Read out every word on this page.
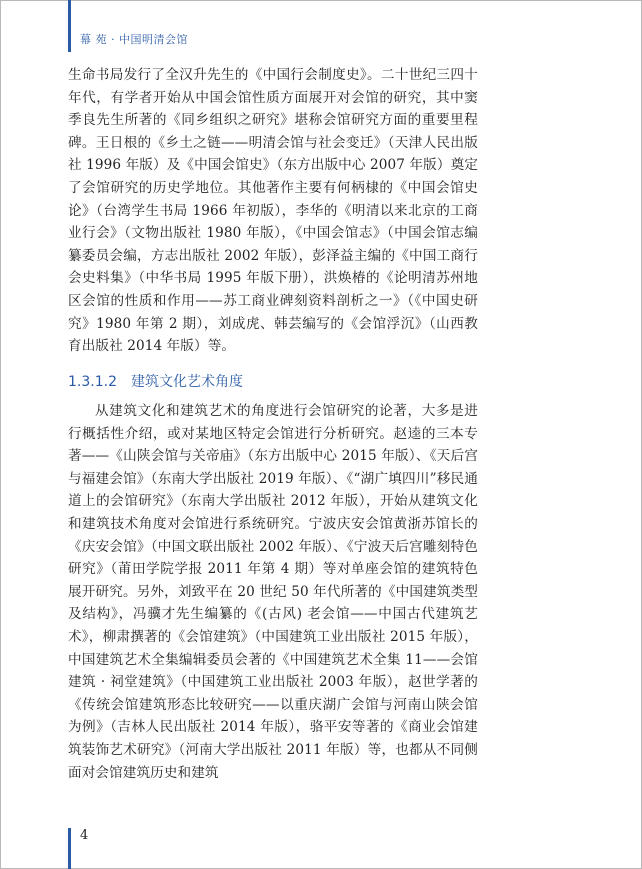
幕 苑 · 中国明清会馆

生命书局发行了全汉升先生的《中国行会制度史》。二十世纪三四十年代，有学者开始从中国会馆性质方面展开对会馆的研究，其中窦季良先生所著的《同乡组织之研究》堪称会馆研究方面的重要里程碑。王日根的《乡土之链——明清会馆与社会变迁》（天津人民出版社 1996 年版）及《中国会馆史》（东方出版中心 2007 年版）奠定了会馆研究的历史学地位。其他著作主要有何柄棣的《中国会馆史论》（台湾学生书局 1966 年初版），李华的《明清以来北京的工商业行会》（文物出版社 1980 年版），《中国会馆志》（中国会馆志编纂委员会编，方志出版社 2002 年版），彭泽益主编的《中国工商行会史料集》（中华书局 1995 年版下册），洪焕椿的《论明清苏州地区会馆的性质和作用——苏工商业碑刻资料剖析之一》（《中国史研究》1980 年第 2 期），刘成虎、韩芸编写的《会馆浮沉》（山西教育出版社 2014 年版）等。

1.3.1.2 建筑文化艺术角度

从建筑文化和建筑艺术的角度进行会馆研究的论著，大多是进行概括性介绍，或对某地区特定会馆进行分析研究。赵逵的三本专著——《山陕会馆与关帝庙》（东方出版中心 2015 年版）、《天后宫与福建会馆》（东南大学出版社 2019 年版）、《“湖广填四川”移民通道上的会馆研究》（东南大学出版社 2012 年版），开始从建筑文化和建筑技术角度对会馆进行系统研究。宁波庆安会馆黄浙苏馆长的《庆安会馆》（中国文联出版社 2002 年版）、《宁波天后宫雕刻特色研究》（莆田学院学报 2011 年第 4 期）等对单座会馆的建筑特色展开研究。另外，刘致平在 20 世纪 50 年代所著的《中国建筑类型及结构》，冯骥才先生编纂的《(古风) 老会馆——中国古代建筑艺术》，柳肃撰著的《会馆建筑》（中国建筑工业出版社 2015 年版），中国建筑艺术全集编辑委员会著的《中国建筑艺术全集 11——会馆建筑 · 祠堂建筑》（中国建筑工业出版社 2003 年版），赵世学著的《传统会馆建筑形态比较研究——以重庆湖广会馆与河南山陕会馆为例》（吉林人民出版社 2014 年版），骆平安等著的《商业会馆建筑装饰艺术研究》（河南大学出版社 2011 年版）等，也都从不同侧面对会馆建筑历史和建筑

4
